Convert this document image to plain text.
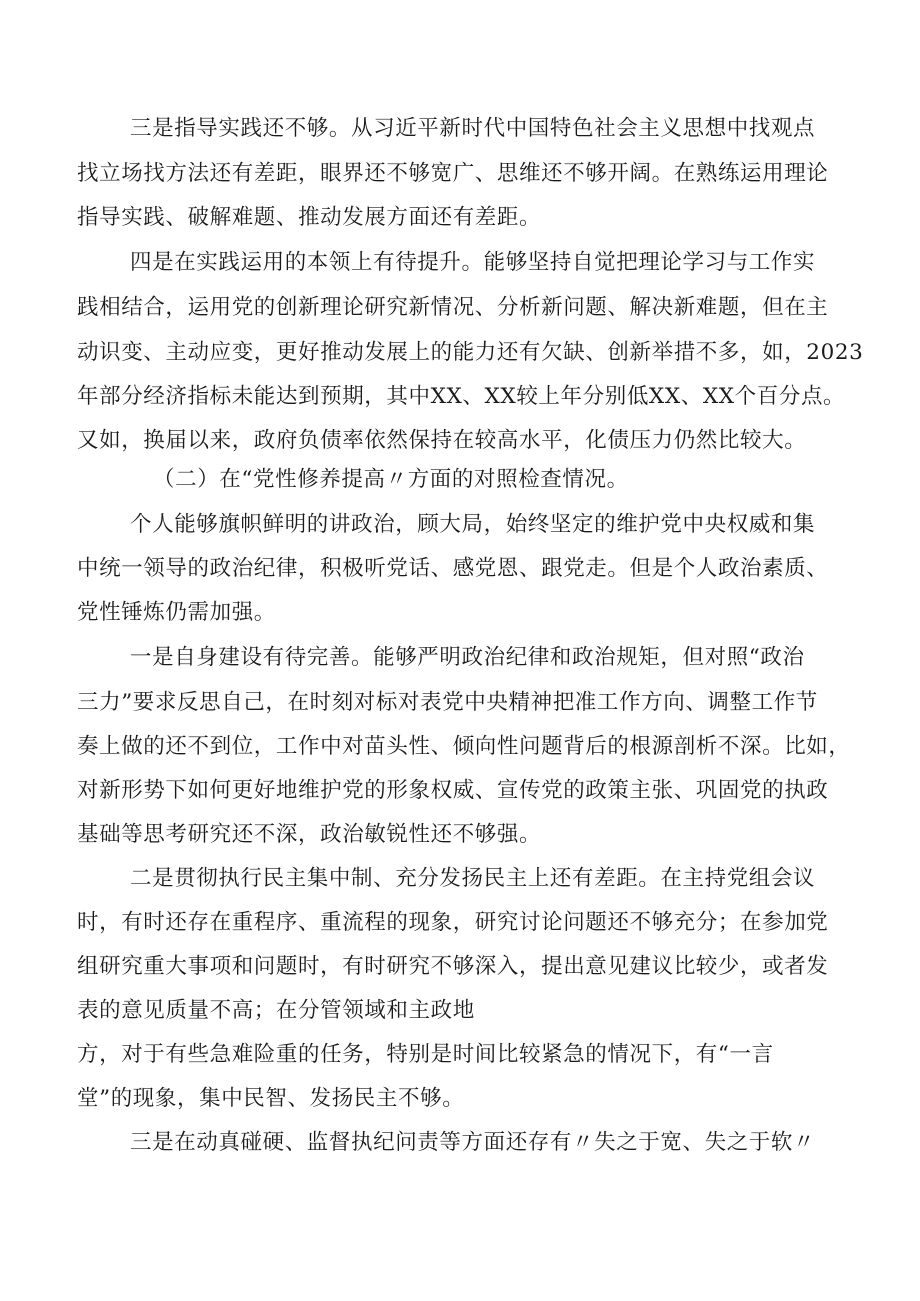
三是指导实践还不够。从习近平新时代中国特色社会主义思想中找观点
找立场找方法还有差距，眼界还不够宽广、思维还不够开阔。在熟练运用理论
指导实践、破解难题、推动发展方面还有差距。
四是在实践运用的本领上有待提升。能够坚持自觉把理论学习与工作实
践相结合，运用党的创新理论研究新情况、分析新问题、解决新难题，但在主
动识变、主动应变，更好推动发展上的能力还有欠缺、创新举措不多，如，2023
年部分经济指标未能达到预期，其中XX、XX较上年分别低XX、XX个百分点。
又如，换届以来，政府负债率依然保持在较高水平，化债压力仍然比较大。
（二）在“党性修养提高〃方面的对照检查情况。
个人能够旗帜鲜明的讲政治，顾大局，始终坚定的维护党中央权威和集
中统一领导的政治纪律，积极听党话、感党恩、跟党走。但是个人政治素质、
党性锤炼仍需加强。
一是自身建设有待完善。能够严明政治纪律和政治规矩，但对照“政治
三力”要求反思自己，在时刻对标对表党中央精神把准工作方向、调整工作节
奏上做的还不到位，工作中对苗头性、倾向性问题背后的根源剖析不深。比如，
对新形势下如何更好地维护党的形象权威、宣传党的政策主张、巩固党的执政
基础等思考研究还不深，政治敏锐性还不够强。
二是贯彻执行民主集中制、充分发扬民主上还有差距。在主持党组会议
时，有时还存在重程序、重流程的现象，研究讨论问题还不够充分；在参加党
组研究重大事项和问题时，有时研究不够深入，提出意见建议比较少，或者发
表的意见质量不高；在分管领域和主政地
方，对于有些急难险重的任务，特别是时间比较紧急的情况下，有“一言
堂”的现象，集中民智、发扬民主不够。
三是在动真碰硬、监督执纪问责等方面还存有〃失之于宽、失之于软〃
